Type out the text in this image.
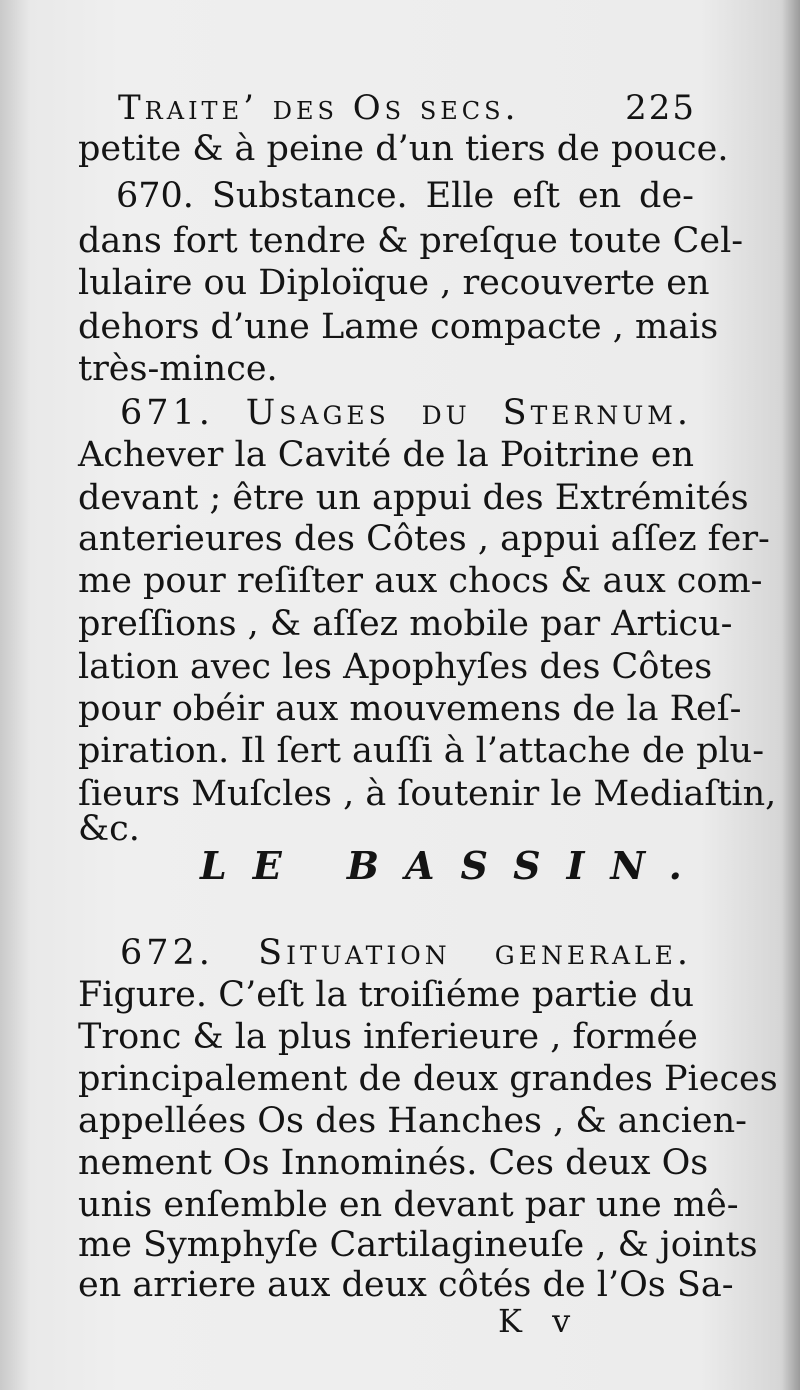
Traite’ des Os secs.	225
petite & à peine d’un tiers de pouce.
670. Substance. Elle eſt en de-
dans fort tendre & preſque toute Cel-
lulaire ou Diploïque , recouverte en
dehors d’une Lame compacte , mais
très-mince.
671. Usages du Sternum.
Achever la Cavité de la Poitrine en
devant ; être un appui des Extrémités
anterieures des Côtes , appui aſſez fer-
me pour reſiſter aux chocs & aux com-
preſſions , & aſſez mobile par Articu-
lation avec les Apophyſes des Côtes
pour obéir aux mouvemens de la Reſ-
piration. Il ſert auſſi à l’attache de plu-
ſieurs Muſcles , à ſoutenir le Mediaſtin,
&c.
LE BASSIN.
672. Situation generale.
Figure. C’eſt la troiſiéme partie du
Tronc & la plus inferieure , formée
principalement de deux grandes Pieces
appellées Os des Hanches , & ancien-
nement Os Innominés. Ces deux Os
unis enſemble en devant par une mê-
me Symphyſe Cartilagineuſe , & joints
en arriere aux deux côtés de l’Os Sa-
K v
